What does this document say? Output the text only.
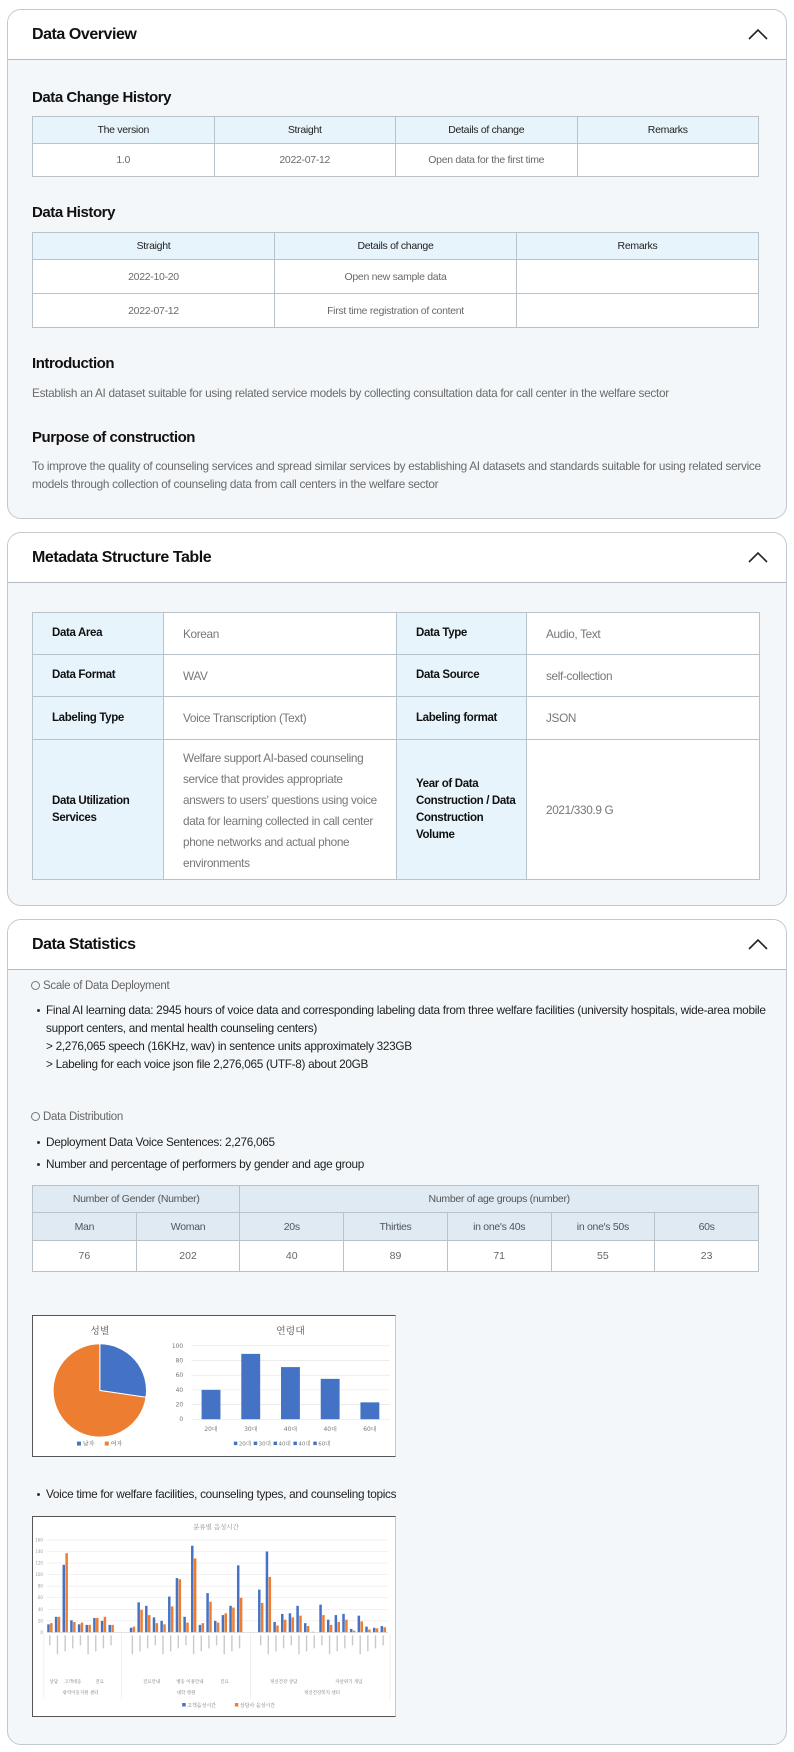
Data Overview
Data Change History
The version	Straight	Details of change	Remarks
1.0	2022-07-12	Open data for the first time	
Data History
Straight	Details of change	Remarks
2022-10-20	Open new sample data	
2022-07-12	First time registration of content	
Introduction

Establish an AI dataset suitable for using related service models by collecting consultation data for call center in the welfare sector

Purpose of construction

To improve the quality of counseling services and spread similar services by establishing AI datasets and standards suitable for using related service models through collection of counseling data from call centers in the welfare sector

Metadata Structure Table
Data Area	Korean	Data Type	Audio, Text
Data Format	WAV	Data Source	self-collection
Labeling Type	Voice Transcription (Text)	Labeling format	JSON
Data Utilization Services	Welfare support AI-based counseling service that provides appropriate answers to users' questions using voice data for learning collected in call center phone networks and actual phone environments	Year of Data Construction / Data Construction Volume	2021/330.9 G
Data Statistics
Scale of Data Deployment
Final AI learning data: 2945 hours of voice data and corresponding labeling data from three welfare facilities (university hospitals, wide-area mobile support centers, and mental health counseling centers)
> 2,276,065 speech (16KHz, wav) in sentence units approximately 323GB
> Labeling for each voice json file 2,276,065 (UTF-8) about 20GB
Data Distribution
Deployment Data Voice Sentences: 2,276,065
Number and percentage of performers by gender and age group
Number of Gender (Number)		Number of age groups (number)				
Man	Woman	20s	Thirties	in one's 40s	in one's 50s	60s
76	202	40	89	71	55	23
성별
남자	여자
연령대
0
20
40
60
80
100
20대	30대	40대	40대	60대
20대 30대 40대 40대 60대
Voice time for welfare facilities, counseling types, and counseling topics
분류별 음성시간
0
20
40
60
80
100
120
140
160
상담 고객대응	진료
광역이동지원 센터
진료안내	병동 이용안내	진료
대학 병원
정신건강 상담	자살위기 개입
정신건강복지 센터
고객음성시간	상담사 음성시간
